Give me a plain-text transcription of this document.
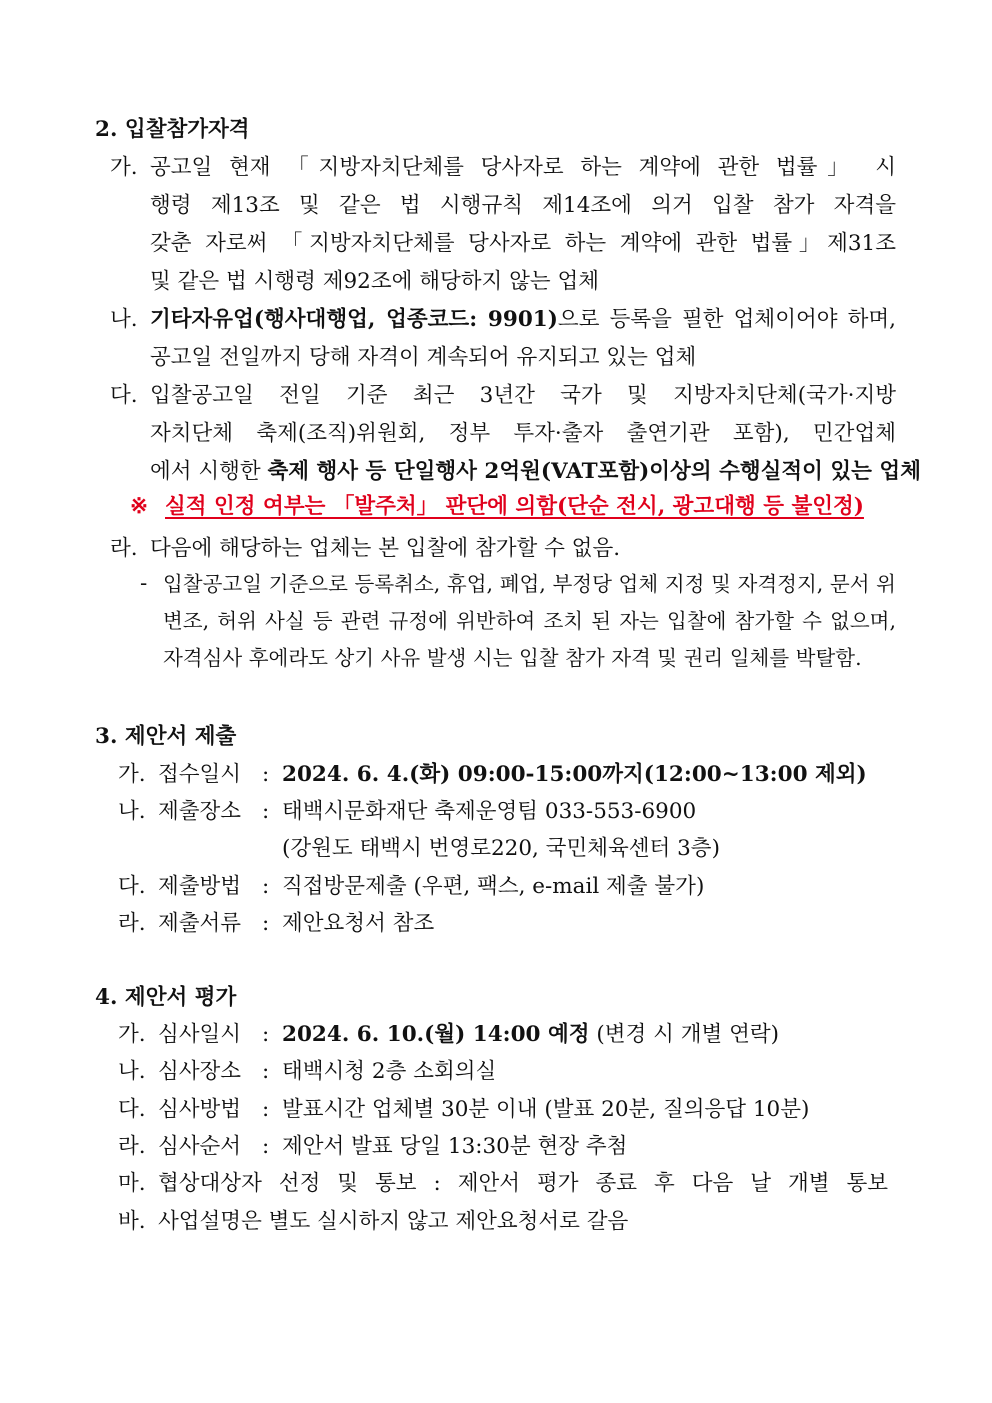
2. 입찰참가자격
가. 공고일 현재 「지방자치단체를 당사자로 하는 계약에 관한 법률」 시
행령 제13조 및 같은 법 시행규칙 제14조에 의거 입찰 참가 자격을
갖춘 자로써 「지방자치단체를 당사자로 하는 계약에 관한 법률」제31조
및 같은 법 시행령 제92조에 해당하지 않는 업체
나. 기타자유업(행사대행업, 업종코드: 9901)으로 등록을 필한 업체이어야 하며,
공고일 전일까지 당해 자격이 계속되어 유지되고 있는 업체
다. 입찰공고일 전일 기준 최근 3년간 국가 및 지방자치단체(국가·지방
자치단체 축제(조직)위원회, 정부 투자·출자 출연기관 포함), 민간업체
에서 시행한 축제 행사 등 단일행사 2억원(VAT포함)이상의 수행실적이 있는 업체
※ 실적 인정 여부는 「발주처」 판단에 의함(단순 전시, 광고대행 등 불인정)
라. 다음에 해당하는 업체는 본 입찰에 참가할 수 없음.
- 입찰공고일 기준으로 등록취소, 휴업, 폐업, 부정당 업체 지정 및 자격정지, 문서 위
변조, 허위 사실 등 관련 규정에 위반하여 조치 된 자는 입찰에 참가할 수 없으며,
자격심사 후에라도 상기 사유 발생 시는 입찰 참가 자격 및 권리 일체를 박탈함.
3. 제안서 제출
가. 접수일시 : 2024. 6. 4.(화) 09:00-15:00까지(12:00~13:00 제외)
나. 제출장소 : 태백시문화재단 축제운영팀 033-553-6900
(강원도 태백시 번영로220, 국민체육센터 3층)
다. 제출방법 : 직접방문제출 (우편, 팩스, e-mail 제출 불가)
라. 제출서류 : 제안요청서 참조
4. 제안서 평가
가. 심사일시 : 2024. 6. 10.(월) 14:00 예정 (변경 시 개별 연락)
나. 심사장소 : 태백시청 2층 소회의실
다. 심사방법 : 발표시간 업체별 30분 이내 (발표 20분, 질의응답 10분)
라. 심사순서 : 제안서 발표 당일 13:30분 현장 추첨
마. 협상대상자 선정 및 통보 : 제안서 평가 종료 후 다음 날 개별 통보
바. 사업설명은 별도 실시하지 않고 제안요청서로 갈음
